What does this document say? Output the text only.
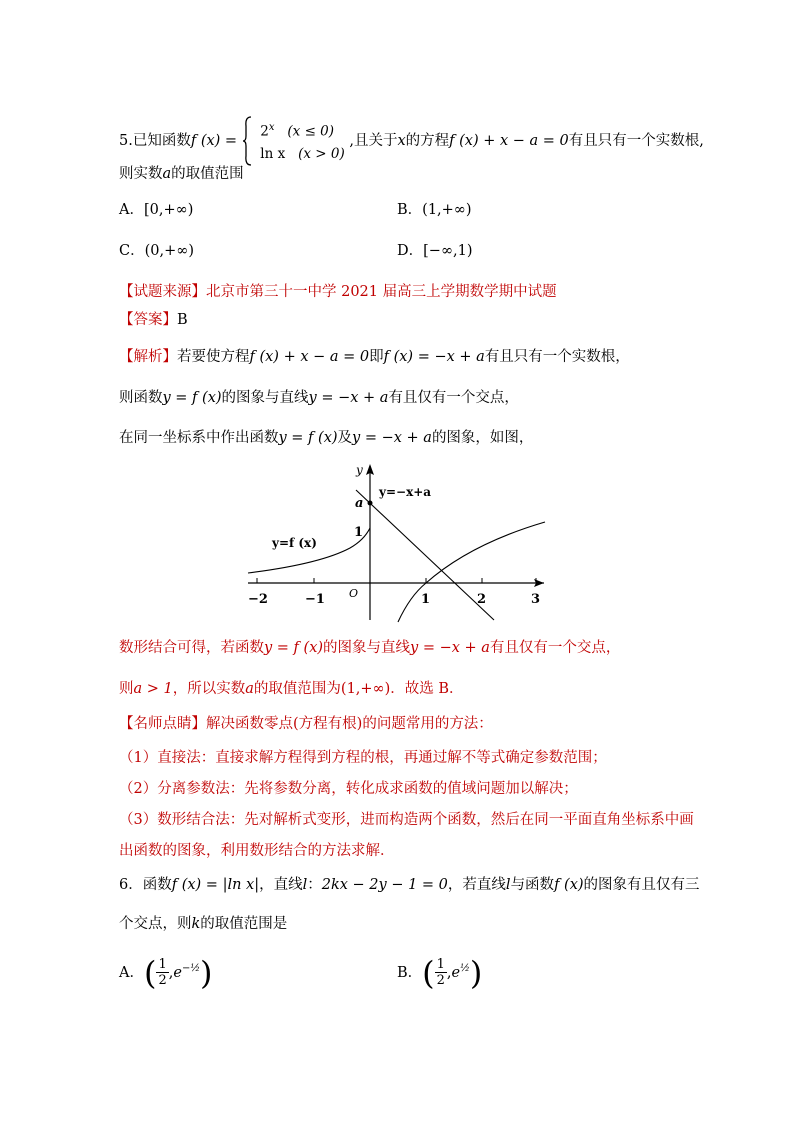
5.已知函数f (x) =
2$^x$ (x ≤ 0)
ln x (x > 0)
,且关于x的方程f (x) + x − a = 0有且只有一个实数根,
则实数a的取值范围
A．[0,+∞)	B．(1,+∞)
C．(0,+∞)	D．[−∞,1)
【试题来源】北京市第三十一中学 2021 届高三上学期数学期中试题
【答案】B
【解析】若要使方程f (x) + x − a = 0即f (x) = −x + a有且只有一个实数根，
则函数y = f (x)的图象与直线y = −x + a有且仅有一个交点，
在同一坐标系中作出函数y = f (x)及y = −x + a的图象，如图，
y
a
y=−x+a
1
y=f (x)
O
−2	−1	1	2	3
数形结合可得，若函数y = f (x)的图象与直线y = −x + a有且仅有一个交点，
则a > 1，所以实数a的取值范围为(1,+∞)．故选 B．
【名师点睛】解决函数零点(方程有根)的问题常用的方法：
（1）直接法：直接求解方程得到方程的根，再通过解不等式确定参数范围；
（2）分离参数法：先将参数分离，转化成求函数的值域问题加以解决；
（3）数形结合法：先对解析式变形，进而构造两个函数，然后在同一平面直角坐标系中画
出函数的图象，利用数形结合的方法求解．
6．函数f (x) = |ln x|，直线l：2kx − 2y − 1 = 0，若直线l与函数f (x)的图象有且仅有三
个交点，则k的取值范围是
A．( $\frac{1}{2} ,e^{-\frac{1}{2}}$)	B．( $\frac{1}{2} ,e^{\frac{1}{2}}$)
